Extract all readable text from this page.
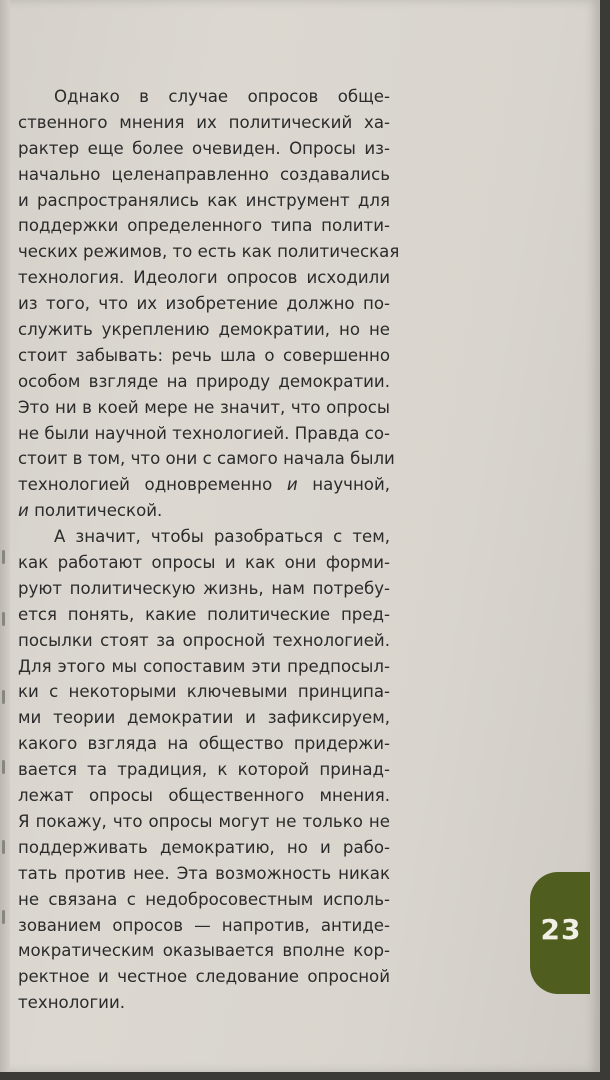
Однако в случае опросов обще-
ственного мнения их политический ха-
рактер еще более очевиден. Опросы из-
начально целенаправленно создавались
и распространялись как инструмент для
поддержки определенного типа полити-
ческих режимов, то есть как политическая
технология. Идеологи опросов исходили
из того, что их изобретение должно по-
служить укреплению демократии, но не
стоит забывать: речь шла о совершенно
особом взгляде на природу демократии.
Это ни в коей мере не значит, что опросы
не были научной технологией. Правда со-
стоит в том, что они с самого начала были
технологией одновременно и научной,
и политической.
А значит, чтобы разобраться с тем,
как работают опросы и как они форми-
руют политическую жизнь, нам потребу-
ется понять, какие политические пред-
посылки стоят за опросной технологией.
Для этого мы сопоставим эти предпосыл-
ки с некоторыми ключевыми принципа-
ми теории демократии и зафиксируем,
какого взгляда на общество придержи-
вается та традиция, к которой принад-
лежат опросы общественного мнения.
Я покажу, что опросы могут не только не
поддерживать демократию, но и рабо-
тать против нее. Эта возможность никак
не связана с недобросовестным исполь-
зованием опросов — напротив, антиде-
мократическим оказывается вполне кор-
ректное и честное следование опросной
технологии.
23
